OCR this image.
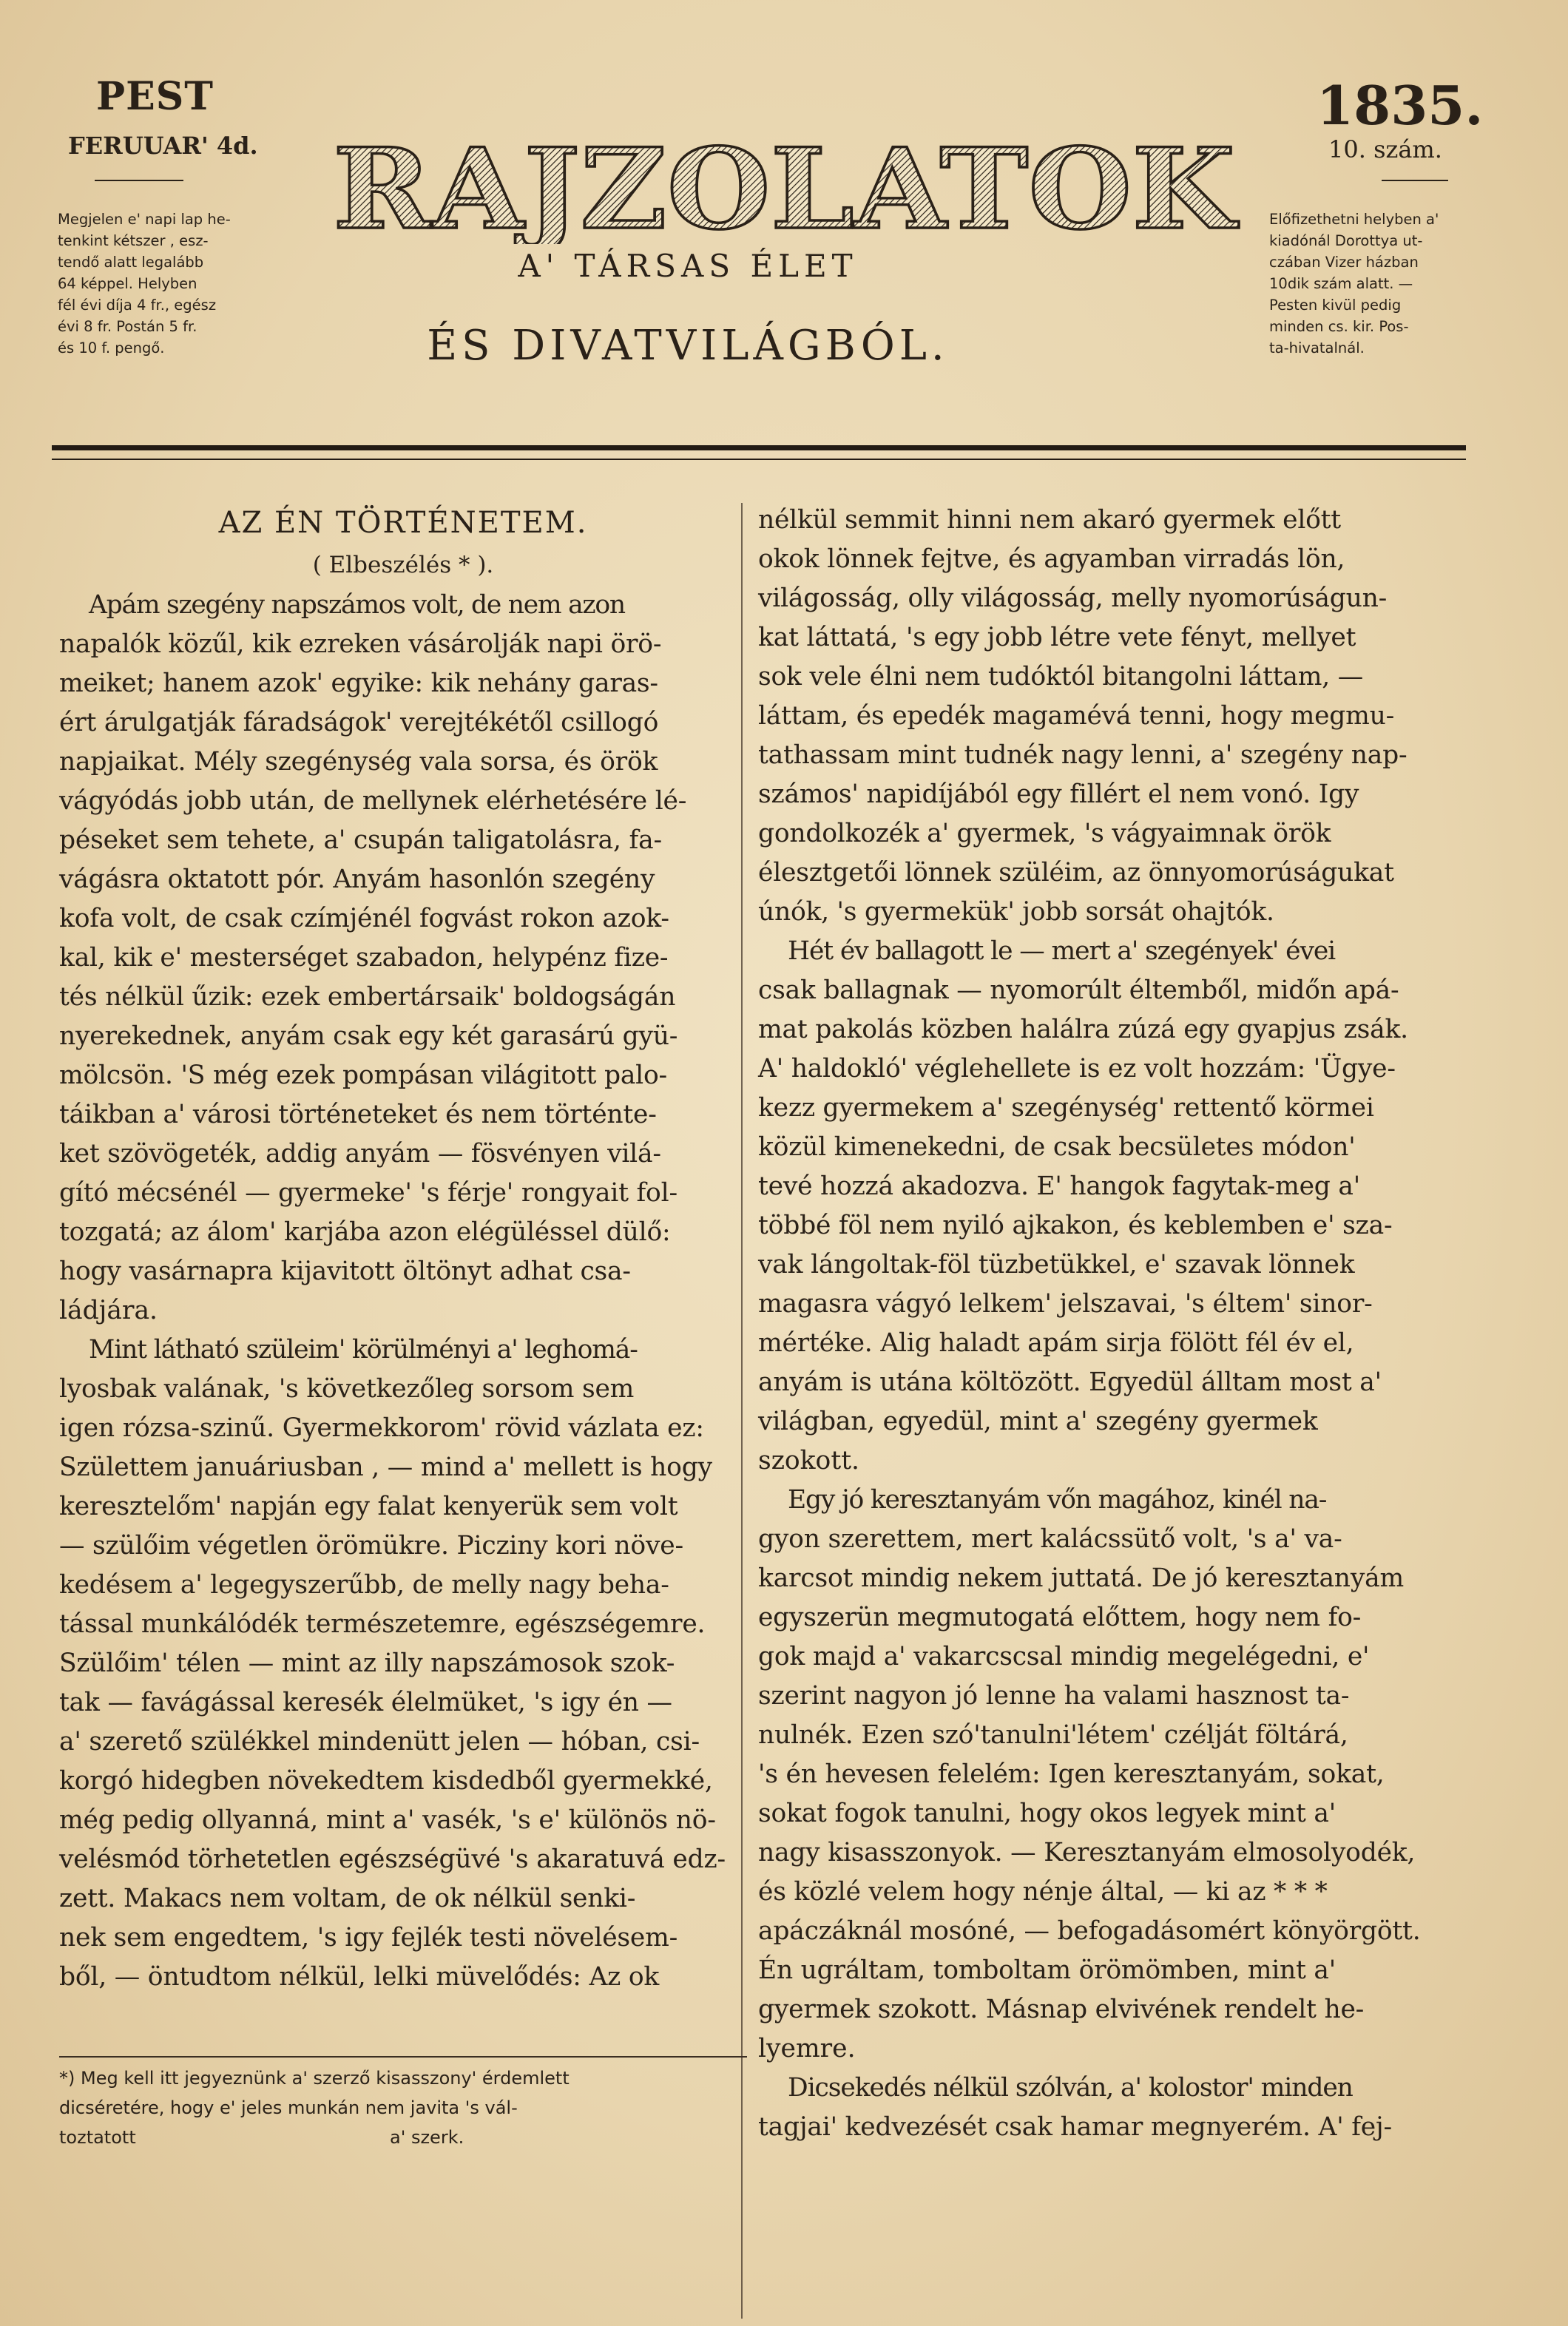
PEST
FERUUAR' 4d.
Megjelen e' napi lap he-
tenkint kétszer , esz-
tendő alatt legalább
64 képpel. Helyben
fél évi díja 4 fr., egész
évi 8 fr. Postán 5 fr.
és 10 f. pengő.
RAJZOLATOK
A' TÁRSAS ÉLET
ÉS DIVATVILÁGBÓL.
1835.
10. szám.
Előfizethetni helyben a'
kiadónál Dorottya ut-
czában Vizer házban
10dik szám alatt. —
Pesten kivül pedig
minden cs. kir. Pos-
ta-hivatalnál.
AZ ÉN TÖRTÉNETEM.
( Elbeszélés * ).
Apám szegény napszámos volt, de nem azon
napalók közűl, kik ezreken vásárolják napi örö-
meiket; hanem azok' egyike: kik nehány garas-
ért árulgatják fáradságok' verejtékétől csillogó
napjaikat. Mély szegénység vala sorsa, és örök
vágyódás jobb után, de mellynek elérhetésére lé-
péseket sem tehete, a' csupán taligatolásra, fa-
vágásra oktatott pór. Anyám hasonlón szegény
kofa volt, de csak czímjénél fogvást rokon azok-
kal, kik e' mesterséget szabadon, helypénz fize-
tés nélkül űzik: ezek embertársaik' boldogságán
nyerekednek, anyám csak egy két garasárú gyü-
mölcsön. 'S még ezek pompásan világitott palo-
táikban a' városi történeteket és nem történte-
ket szövögeték, addig anyám — fösvényen vilá-
gító mécsénél — gyermeke' 's férje' rongyait fol-
tozgatá; az álom' karjába azon elégüléssel dülő:
hogy vasárnapra kijavitott öltönyt adhat csa-
ládjára.
Mint látható szüleim' körülményi a' leghomá-
lyosbak valának, 's következőleg sorsom sem
igen rózsa-szinű. Gyermekkorom' rövid vázlata ez:
Születtem januáriusban , — mind a' mellett is hogy
keresztelőm' napján egy falat kenyerük sem volt
— szülőim végetlen örömükre. Picziny kori növe-
kedésem a' legegyszerűbb, de melly nagy beha-
tással munkálódék természetemre, egészségemre.
Szülőim' télen — mint az illy napszámosok szok-
tak — favágással keresék élelmüket, 's igy én —
a' szerető szülékkel mindenütt jelen — hóban, csi-
korgó hidegben növekedtem kisdedből gyermekké,
még pedig ollyanná, mint a' vasék, 's e' különös nö-
velésmód törhetetlen egészségüvé 's akaratuvá edz-
zett. Makacs nem voltam, de ok nélkül senki-
nek sem engedtem, 's igy fejlék testi növelésem-
ből, — öntudtom nélkül, lelki müvelődés: Az ok
nélkül semmit hinni nem akaró gyermek előtt
okok lönnek fejtve, és agyamban virradás lön,
világosság, olly világosság, melly nyomorúságun-
kat láttatá, 's egy jobb létre vete fényt, mellyet
sok vele élni nem tudóktól bitangolni láttam, —
láttam, és epedék magamévá tenni, hogy megmu-
tathassam mint tudnék nagy lenni, a' szegény nap-
számos' napidíjából egy fillért el nem vonó. Igy
gondolkozék a' gyermek, 's vágyaimnak örök
élesztgetői lönnek szüléim, az önnyomorúságukat
únók, 's gyermekük' jobb sorsát ohajtók.
Hét év ballagott le — mert a' szegények' évei
csak ballagnak — nyomorúlt éltemből, midőn apá-
mat pakolás közben halálra zúzá egy gyapjus zsák.
A' haldokló' véglehellete is ez volt hozzám: 'Ügye-
kezz gyermekem a' szegénység' rettentő körmei
közül kimenekedni, de csak becsületes módon'
tevé hozzá akadozva. E' hangok fagytak-meg a'
többé föl nem nyiló ajkakon, és keblemben e' sza-
vak lángoltak-föl tüzbetükkel, e' szavak lönnek
magasra vágyó lelkem' jelszavai, 's éltem' sinor-
mértéke. Alig haladt apám sirja fölött fél év el,
anyám is utána költözött. Egyedül álltam most a'
világban, egyedül, mint a' szegény gyermek
szokott.
Egy jó keresztanyám vőn magához, kinél na-
gyon szerettem, mert kalácssütő volt, 's a' va-
karcsot mindig nekem juttatá. De jó keresztanyám
egyszerün megmutogatá előttem, hogy nem fo-
gok majd a' vakarcscsal mindig megelégedni, e'
szerint nagyon jó lenne ha valami hasznost ta-
nulnék. Ezen szó'tanulni'létem' czélját föltárá,
's én hevesen felelém: Igen keresztanyám, sokat,
sokat fogok tanulni, hogy okos legyek mint a'
nagy kisasszonyok. — Keresztanyám elmosolyodék,
és közlé velem hogy nénje által, — ki az * * *
apáczáknál mosóné, — befogadásomért könyörgött.
Én ugráltam, tomboltam örömömben, mint a'
gyermek szokott. Másnap elvivének rendelt he-
lyemre.
Dicsekedés nélkül szólván, a' kolostor' minden
tagjai' kedvezését csak hamar megnyerém. A' fej-
*) Meg kell itt jegyeznünk a' szerző kisasszony' érdemlett
dicséretére, hogy e' jeles munkán nem javita 's vál-
toztatott                                             a' szerk.
